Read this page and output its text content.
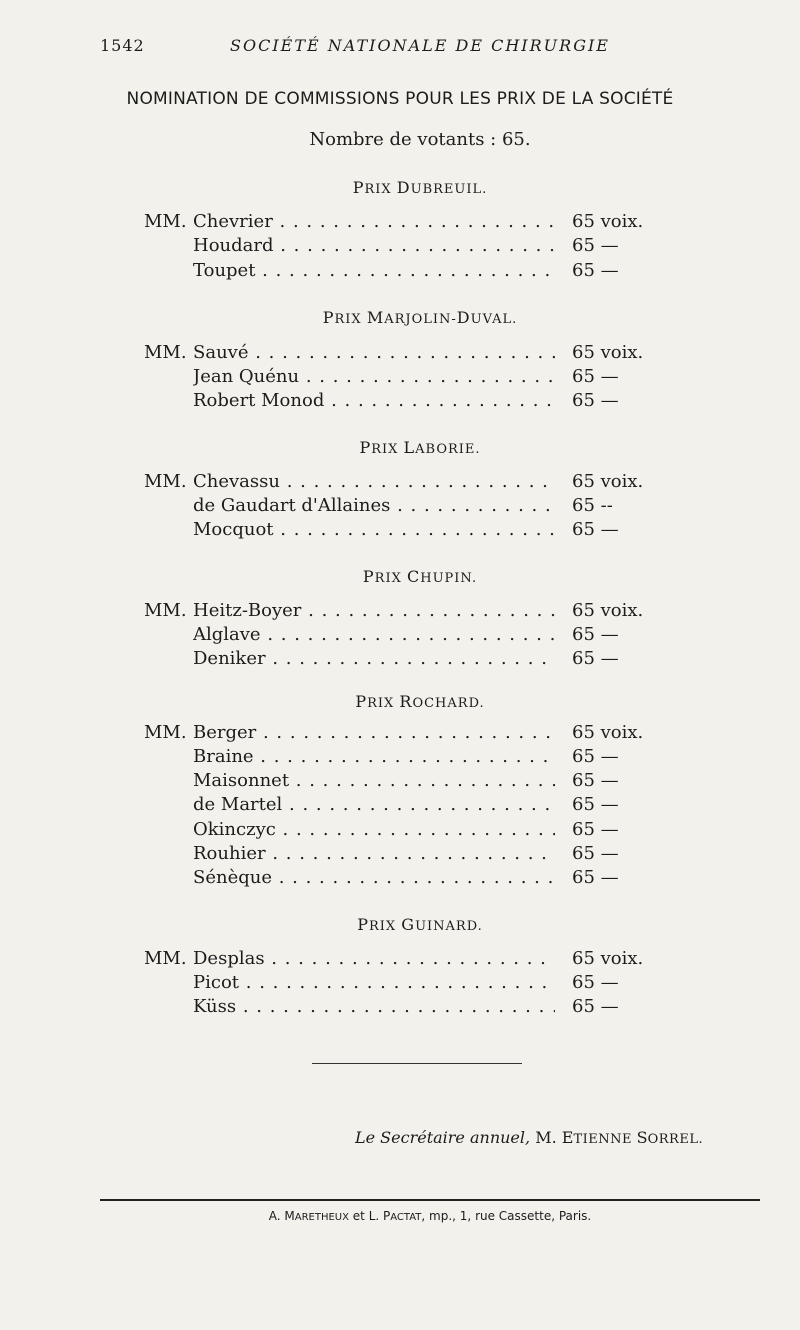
1542	SOCIÉTÉ NATIONALE DE CHIRURGIE
NOMINATION DE COMMISSIONS POUR LES PRIX DE LA SOCIÉTÉ
Nombre de votants : 65.
PRIX DUBREUIL.
MM. Chevrier . . .	65 voix.
Houdard . . .	65 —
Toupet . . .	65 —
PRIX MARJOLIN-DUVAL.
MM. Sauvé . . .	65 voix.
Jean Quénu . . .	65 —
Robert Monod . . .	65 —
PRIX LABORIE.
MM. Chevassu . . .	65 voix.
de Gaudart d'Allaines . . .	65 --
Mocquot . . .	65 —
PRIX CHUPIN.
MM. Heitz-Boyer . . .	65 voix.
Alglave . . .	65 —
Deniker . . .	65 —
PRIX ROCHARD.
MM. Berger . . .	65 voix.
Braine . . .	65 —
Maisonnet . . .	65 —
de Martel . . .	65 —
Okinczyc . . .	65 —
Rouhier . . .	65 —
Sénèque . . .	65 —
PRIX GUINARD.
MM. Desplas . . .	65 voix.
Picot . . .	65 —
Küss . . .	65 —
Le Secrétaire annuel, M. ETIENNE SORREL.
A. MARETHEUX et L. PACTAT, mp., 1, rue Cassette, Paris.
